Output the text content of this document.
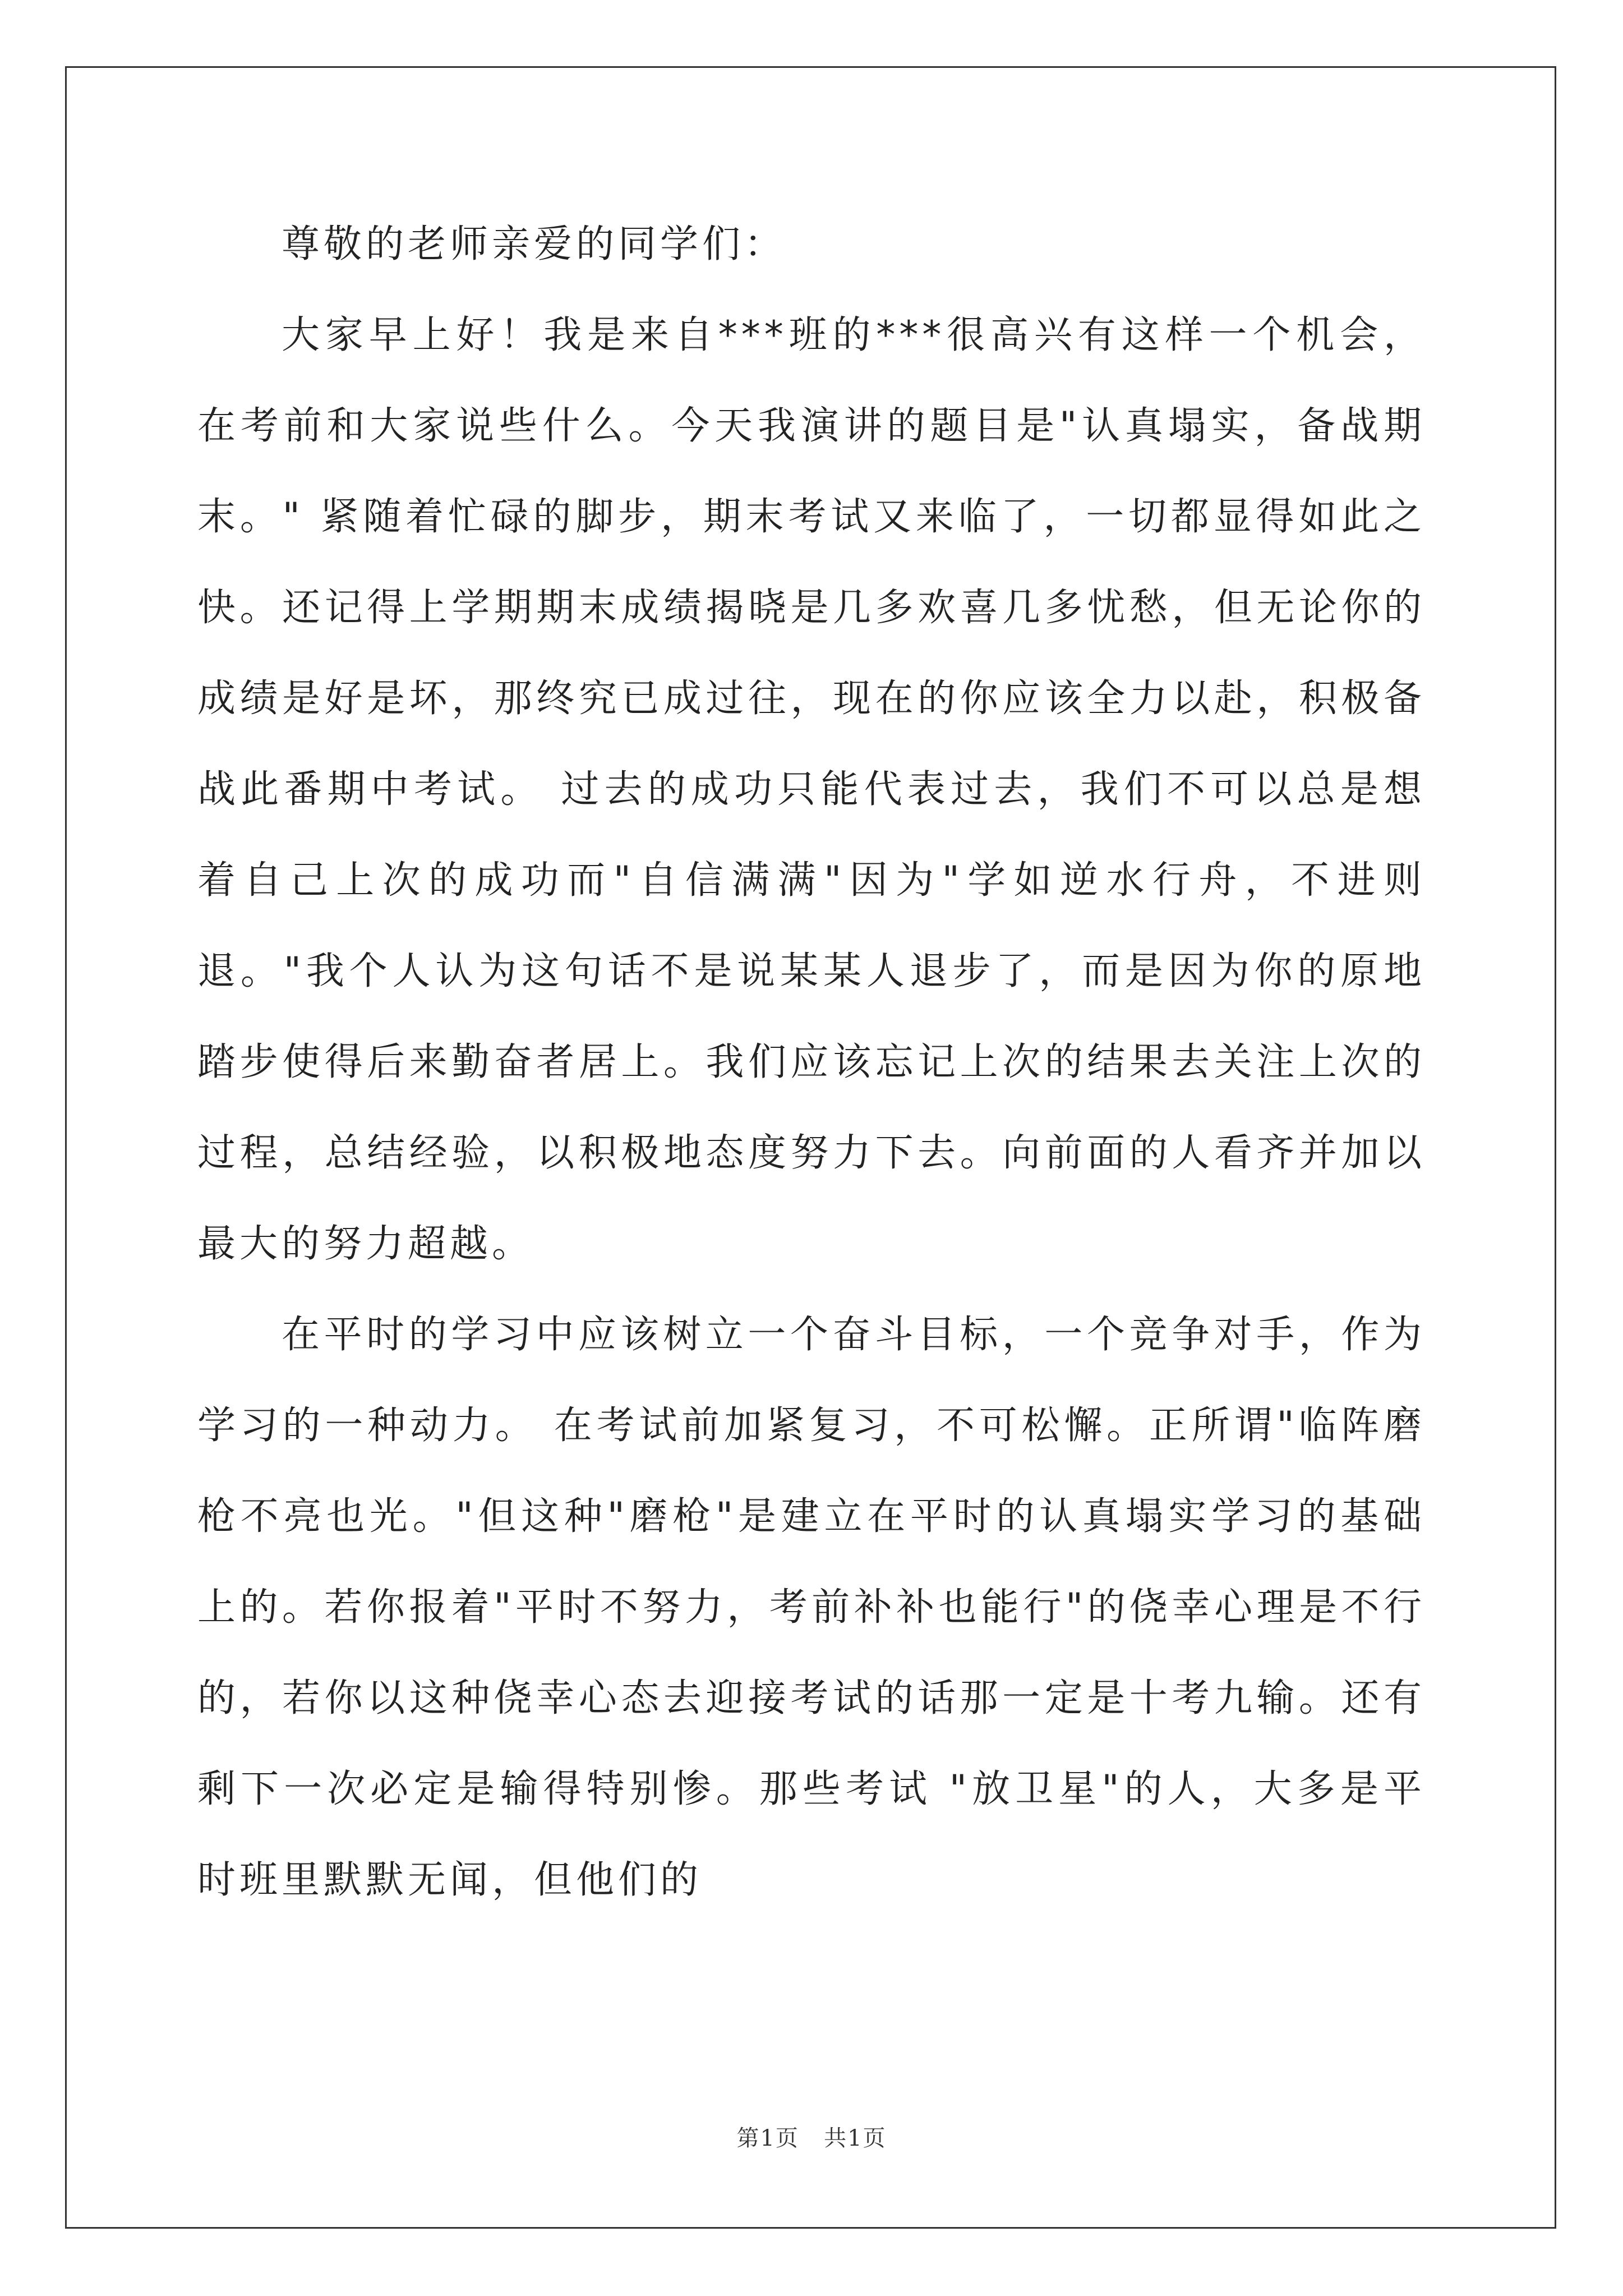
尊敬的老师亲爱的同学们：

大家早上好！我是来自***班的***很高兴有这样一个机会，在考前和大家说些什么。今天我演讲的题目是"认真塌实，备战期末。" 紧随着忙碌的脚步，期末考试又来临了，一切都显得如此之快。还记得上学期期末成绩揭晓是几多欢喜几多忧愁，但无论你的成绩是好是坏，那终究已成过往，现在的你应该全力以赴，积极备战此番期中考试。 过去的成功只能代表过去，我们不可以总是想着自己上次的成功而"自信满满"因为"学如逆水行舟，不进则退。"我个人认为这句话不是说某某人退步了，而是因为你的原地踏步使得后来勤奋者居上。我们应该忘记上次的结果去关注上次的过程，总结经验，以积极地态度努力下去。向前面的人看齐并加以最大的努力超越。

在平时的学习中应该树立一个奋斗目标，一个竞争对手，作为学习的一种动力。 在考试前加紧复习，不可松懈。正所谓"临阵磨枪不亮也光。"但这种"磨枪"是建立在平时的认真塌实学习的基础上的。若你报着"平时不努力，考前补补也能行"的侥幸心理是不行的，若你以这种侥幸心态去迎接考试的话那一定是十考九输。还有剩下一次必定是输得特别惨。那些考试 "放卫星"的人，大多是平时班里默默无闻，但他们的

第1页 共1页
